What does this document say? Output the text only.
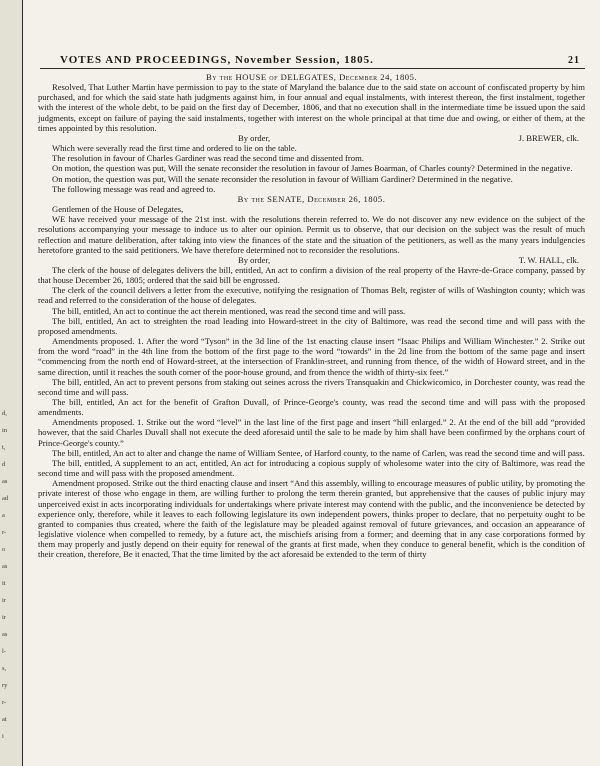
d,
in
t,
d
as
ad
a
r-
o
as
it
ir
ir
as
l-
s,
ry
r-
at
i
VOTES AND PROCEEDINGS, November Session, 1805.	21

By the HOUSE of DELEGATES, December 24, 1805.

Resolved, That Luther Martin have permission to pay to the state of Maryland the balance due to the said state on account of confiscated property by him purchased, and for which the said state hath judgments against him, in four annual and equal instalments, with interest thereon, the first instalment, together with the interest of the whole debt, to be paid on the first day of December, 1806, and that no execution shall in the intermediate time be issued upon the said judgments, except on failure of paying the said instalments, together with interest on the whole principal at that time due and owing, or either of them, at the times appointed by this resolution.

By order,	J. BREWER, clk.

Which were severally read the first time and ordered to lie on the table.

The resolution in favour of Charles Gardiner was read the second time and dissented from.

On motion, the question was put, Will the senate reconsider the resolution in favour of James Boarman, of Charles county? Determined in the negative.

On motion, the question was put, Will the senate reconsider the resolution in favour of William Gardiner? Determined in the negative.

The following message was read and agreed to.

By the SENATE, December 26, 1805.

Gentlemen of the House of Delegates,

WE have received your message of the 21st inst. with the resolutions therein referred to. We do not discover any new evidence on the subject of the resolutions accompanying your message to induce us to alter our opinion. Permit us to observe, that our decision on the subject was the result of much reflection and mature deliberation, after taking into view the finances of the state and the situation of the petitioners, as well as the many years indulgencies heretofore granted to the said petitioners. We have therefore determined not to reconsider the resolutions.

By order,	T. W. HALL, clk.

The clerk of the house of delegates delivers the bill, entitled, An act to confirm a division of the real property of the Havre-de-Grace company, passed by that house December 26, 1805; ordered that the said bill be engrossed.

The clerk of the council delivers a letter from the executive, notifying the resignation of Thomas Belt, register of wills of Washington county; which was read and referred to the consideration of the house of delegates.

The bill, entitled, An act to continue the act therein mentioned, was read the second time and will pass.

The bill, entitled, An act to streighten the road leading into Howard-street in the city of Baltimore, was read the second time and will pass with the proposed amendments.

Amendments proposed. 1. After the word “Tyson” in the 3d line of the 1st enacting clause insert “Isaac Philips and William Winchester.” 2. Strike out from the word “road” in the 4th line from the bottom of the first page to the word “towards” in the 2d line from the bottom of the same page and insert “commencing from the north end of Howard-street, at the intersection of Franklin-street, and running from thence, of the width of Howard street, and in the same direction, until it reaches the south corner of the poor-house ground, and from thence the width of thirty-six feet.”

The bill, entitled, An act to prevent persons from staking out seines across the rivers Transquakin and Chickwicomico, in Dorchester county, was read the second time and will pass.

The bill, entitled, An act for the benefit of Grafton Duvall, of Prince-George's county, was read the second time and will pass with the proposed amendments.

Amendments proposed. 1. Strike out the word “level” in the last line of the first page and insert “hill enlarged.” 2. At the end of the bill add “provided however, that the said Charles Duvall shall not execute the deed aforesaid until the sale to be made by him shall have been confirmed by the orphans court of Prince-George's county.”

The bill, entitled, An act to alter and change the name of William Sentee, of Harford county, to the name of Carlen, was read the second time and will pass.

The bill, entitled, A supplement to an act, entitled, An act for introducing a copious supply of wholesome water into the city of Baltimore, was read the second time and will pass with the proposed amendment.

Amendment proposed. Strike out the third enacting clause and insert “And this assembly, willing to encourage measures of public utility, by promoting the private interest of those who engage in them, are willing further to prolong the term therein granted, but apprehensive that the causes of public injury may unperceived exist in acts incorporating individuals for undertakings where private interest may contend with the public, and the inconvenience be detected by experience only, therefore, while it leaves to each following legislature its own independent powers, thinks proper to declare, that no perpetuity ought to be granted to companies thus created, where the faith of the legislature may be pleaded against removal of future grievances, and occasion an appearance of legislative violence when compelled to remedy, by a future act, the mischiefs arising from a former; and deeming that in any case corporations formed by them may properly and justly depend on their equity for renewal of the grants at first made, when they conduce to general benefit, which is the condition of their creation, therefore, Be it enacted, That the time limited by the act aforesaid be extended to the term of thirty
